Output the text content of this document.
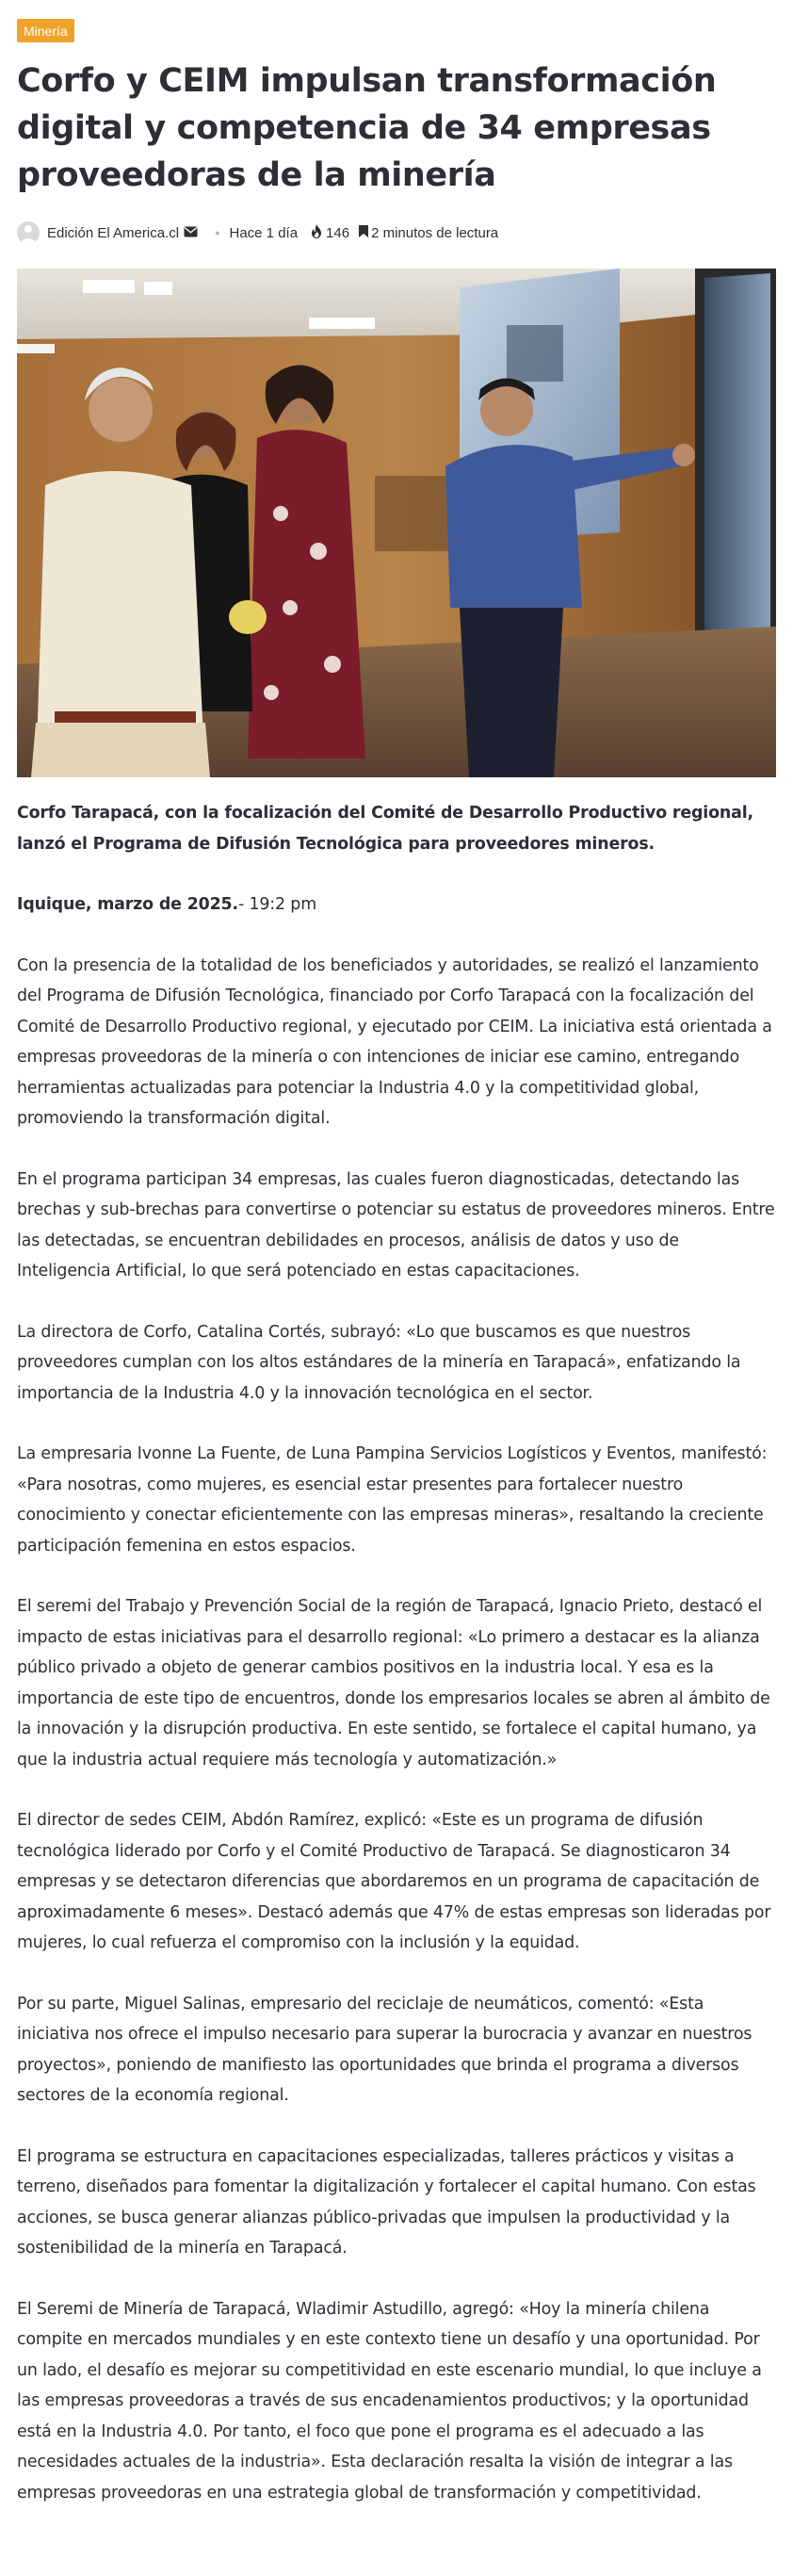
Minería
Corfo y CEIM impulsan transformación digital y competencia de 34 empresas proveedoras de la minería
Edición El America.cl	● Hace 1 día 146 2 minutos de lectura

Corfo Tarapacá, con la focalización del Comité de Desarrollo Productivo regional, lanzó el Programa de Difusión Tecnológica para proveedores mineros.

Iquique, marzo de 2025.- 19:2 pm

Con la presencia de la totalidad de los beneficiados y autoridades, se realizó el lanzamiento del Programa de Difusión Tecnológica, financiado por Corfo Tarapacá con la focalización del Comité de Desarrollo Productivo regional, y ejecutado por CEIM. La iniciativa está orientada a empresas proveedoras de la minería o con intenciones de iniciar ese camino, entregando herramientas actualizadas para potenciar la Industria 4.0 y la competitividad global, promoviendo la transformación digital.

En el programa participan 34 empresas, las cuales fueron diagnosticadas, detectando las brechas y sub-brechas para convertirse o potenciar su estatus de proveedores mineros. Entre las detectadas, se encuentran debilidades en procesos, análisis de datos y uso de Inteligencia Artificial, lo que será potenciado en estas capacitaciones.

La directora de Corfo, Catalina Cortés, subrayó: «Lo que buscamos es que nuestros proveedores cumplan con los altos estándares de la minería en Tarapacá», enfatizando la importancia de la Industria 4.0 y la innovación tecnológica en el sector.

La empresaria Ivonne La Fuente, de Luna Pampina Servicios Logísticos y Eventos, manifestó: «Para nosotras, como mujeres, es esencial estar presentes para fortalecer nuestro conocimiento y conectar eficientemente con las empresas mineras», resaltando la creciente participación femenina en estos espacios.

El seremi del Trabajo y Prevención Social de la región de Tarapacá, Ignacio Prieto, destacó el impacto de estas iniciativas para el desarrollo regional: «Lo primero a destacar es la alianza público privado a objeto de generar cambios positivos en la industria local. Y esa es la importancia de este tipo de encuentros, donde los empresarios locales se abren al ámbito de la innovación y la disrupción productiva. En este sentido, se fortalece el capital humano, ya que la industria actual requiere más tecnología y automatización.»

El director de sedes CEIM, Abdón Ramírez, explicó: «Este es un programa de difusión tecnológica liderado por Corfo y el Comité Productivo de Tarapacá. Se diagnosticaron 34 empresas y se detectaron diferencias que abordaremos en un programa de capacitación de aproximadamente 6 meses». Destacó además que 47% de estas empresas son lideradas por mujeres, lo cual refuerza el compromiso con la inclusión y la equidad.

Por su parte, Miguel Salinas, empresario del reciclaje de neumáticos, comentó: «Esta iniciativa nos ofrece el impulso necesario para superar la burocracia y avanzar en nuestros proyectos», poniendo de manifiesto las oportunidades que brinda el programa a diversos sectores de la economía regional.

El programa se estructura en capacitaciones especializadas, talleres prácticos y visitas a terreno, diseñados para fomentar la digitalización y fortalecer el capital humano. Con estas acciones, se busca generar alianzas público-privadas que impulsen la productividad y la sostenibilidad de la minería en Tarapacá.

El Seremi de Minería de Tarapacá, Wladimir Astudillo, agregó: «Hoy la minería chilena compite en mercados mundiales y en este contexto tiene un desafío y una oportunidad. Por un lado, el desafío es mejorar su competitividad en este escenario mundial, lo que incluye a las empresas proveedoras a través de sus encadenamientos productivos; y la oportunidad está en la Industria 4.0. Por tanto, el foco que pone el programa es el adecuado a las necesidades actuales de la industria». Esta declaración resalta la visión de integrar a las empresas proveedoras en una estrategia global de transformación y competitividad.
